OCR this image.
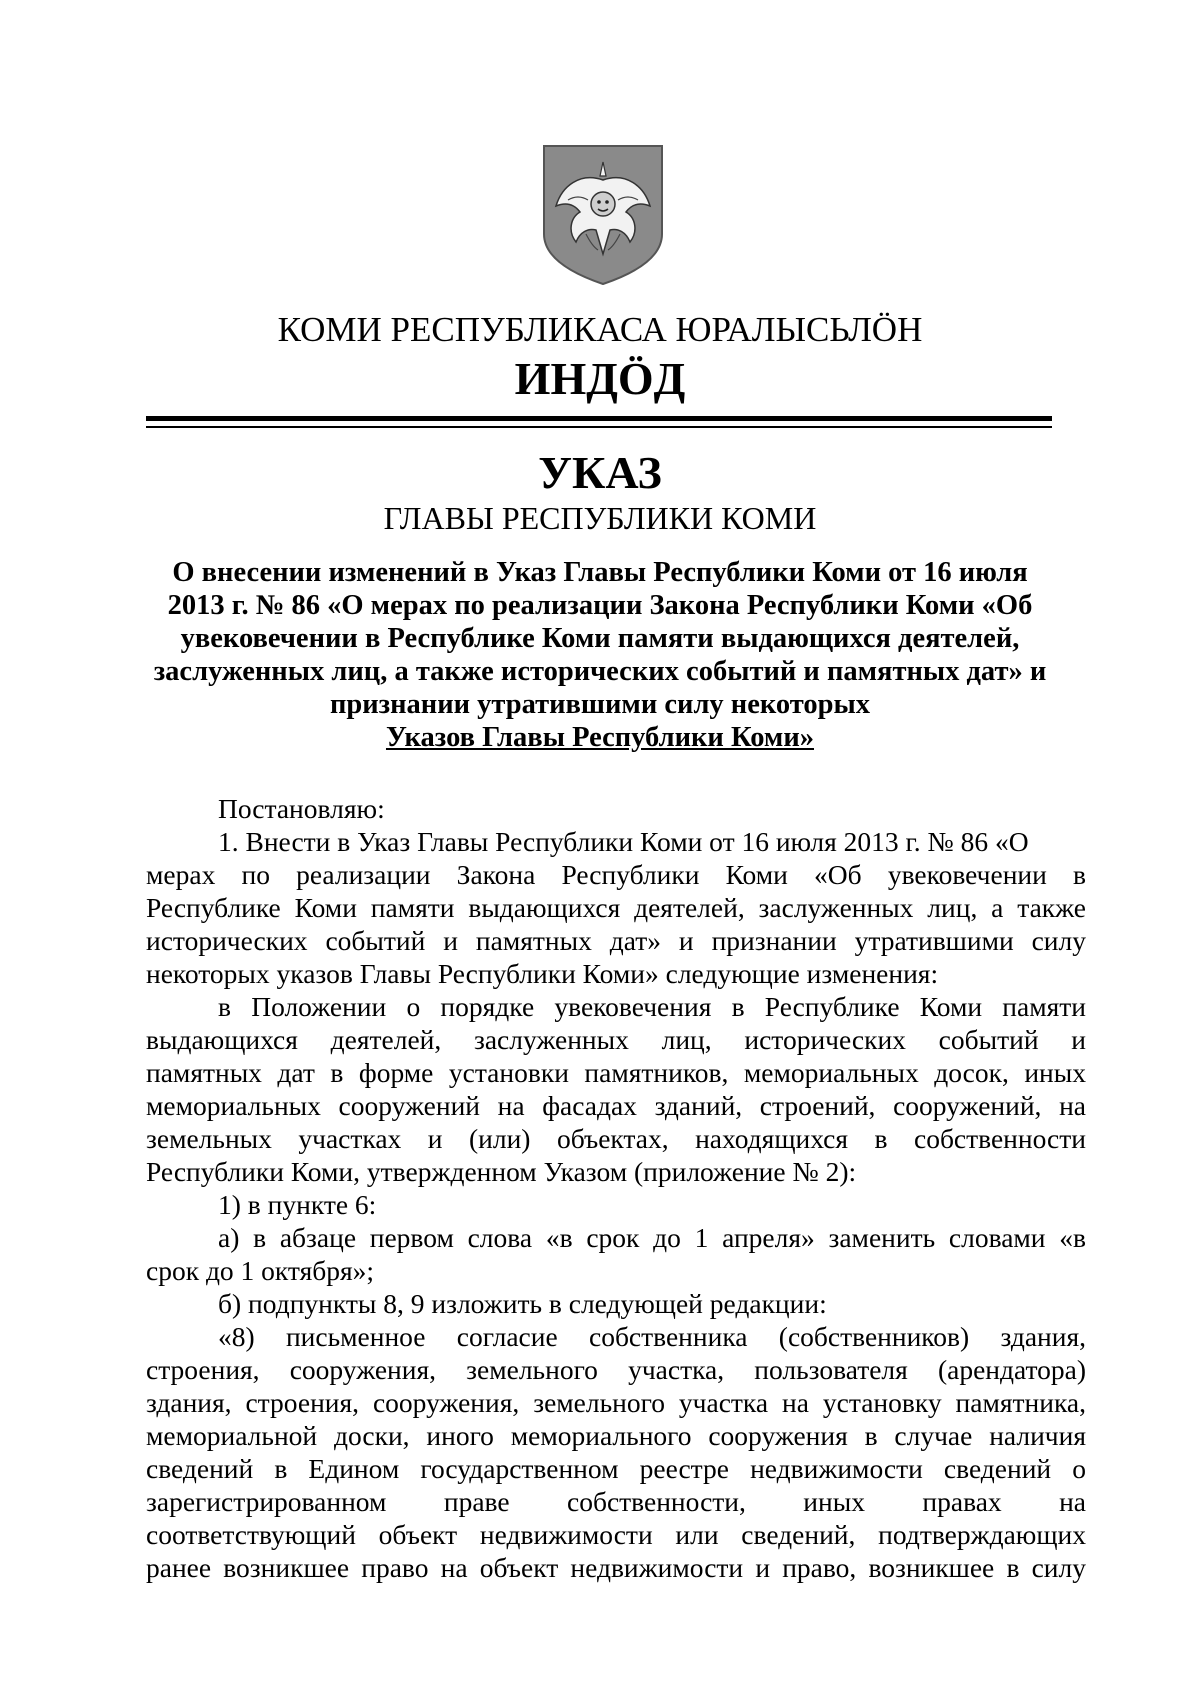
КОМИ РЕСПУБЛИКАСА ЮРАЛЫСЬЛÖН
ИНДÖД
УКАЗ
ГЛАВЫ РЕСПУБЛИКИ КОМИ
О внесении изменений в Указ Главы Республики Коми от 16 июля
2013 г. № 86 «О мерах по реализации Закона Республики Коми «Об
увековечении в Республике Коми памяти выдающихся деятелей,
заслуженных лиц, а также исторических событий и памятных дат» и
признании утратившими силу некоторых
Указов Главы Республики Коми»
Постановляю:
1. Внести в Указ Главы Республики Коми от 16 июля 2013 г. № 86 «О
мерах по реализации Закона Республики Коми «Об увековечении в
Республике Коми памяти выдающихся деятелей, заслуженных лиц, а также
исторических событий и памятных дат» и признании утратившими силу
некоторых указов Главы Республики Коми» следующие изменения:
в Положении о порядке увековечения в Республике Коми памяти
выдающихся деятелей, заслуженных лиц, исторических событий и
памятных дат в форме установки памятников, мемориальных досок, иных
мемориальных сооружений на фасадах зданий, строений, сооружений, на
земельных участках и (или) объектах, находящихся в собственности
Республики Коми, утвержденном Указом (приложение № 2):
1) в пункте 6:
а) в абзаце первом слова «в срок до 1 апреля» заменить словами «в
срок до 1 октября»;
б) подпункты 8, 9 изложить в следующей редакции:
«8) письменное согласие собственника (собственников) здания,
строения, сооружения, земельного участка, пользователя (арендатора)
здания, строения, сооружения, земельного участка на установку памятника,
мемориальной доски, иного мемориального сооружения в случае наличия
сведений в Едином государственном реестре недвижимости сведений о
зарегистрированном праве собственности, иных правах на
соответствующий объект недвижимости или сведений, подтверждающих
ранее возникшее право на объект недвижимости и право, возникшее в силу
